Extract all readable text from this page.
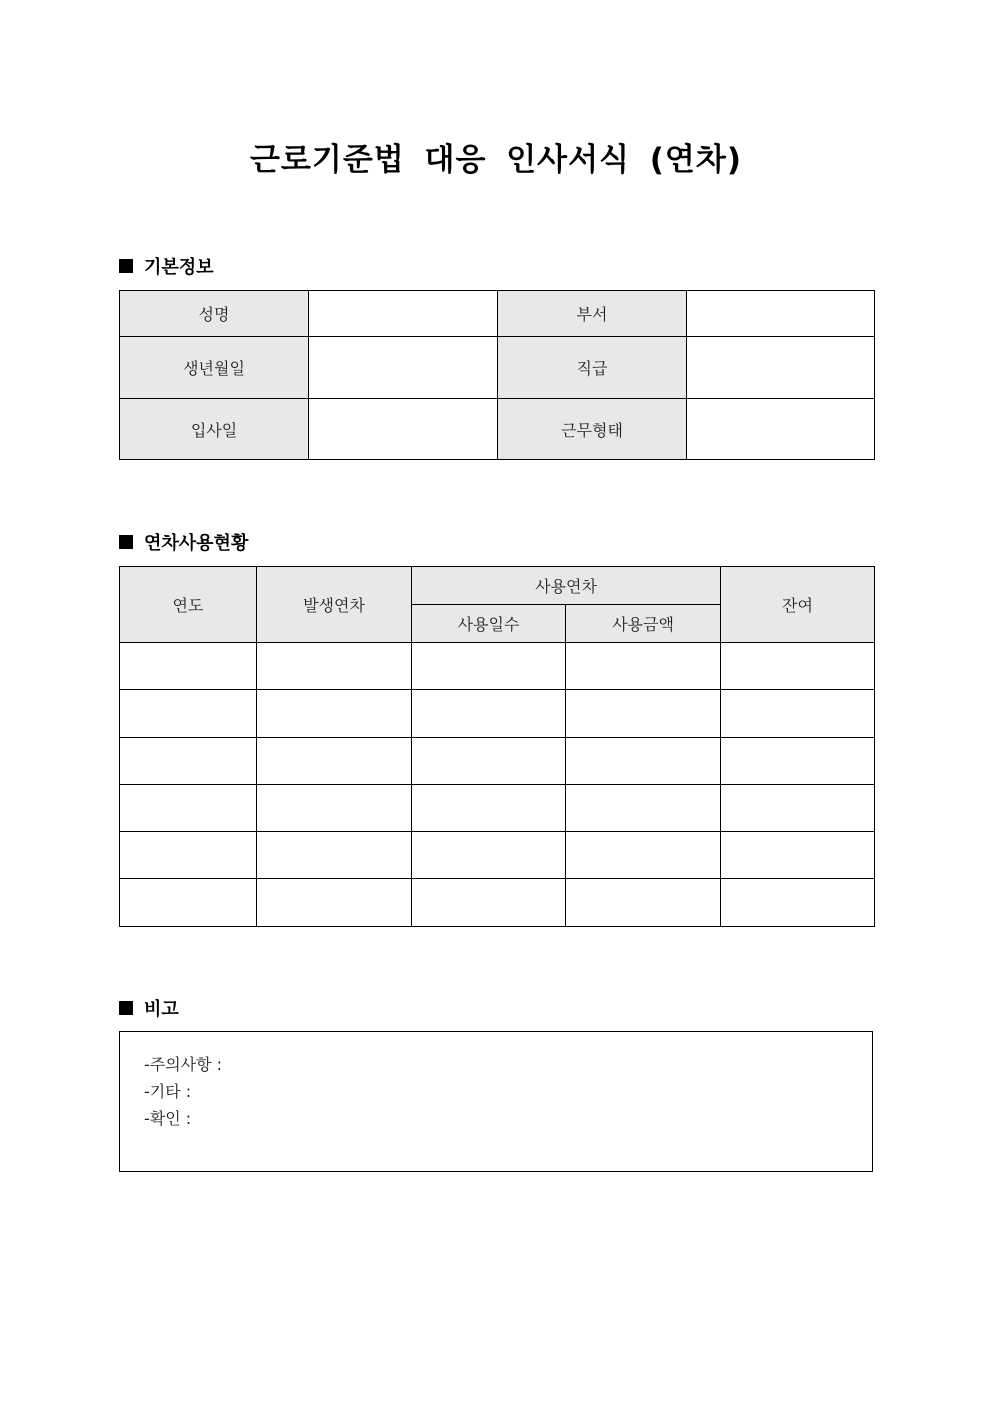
근로기준법 대응 인사서식 (연차)
기본정보
성명		부서	
생년월일		직급	
입사일		근무형태	
연차사용현황
연도	발생연차	사용연차		잔여
		사용일수	사용금액	

비고
-주의사항 :
-기타 :
-확인 :
